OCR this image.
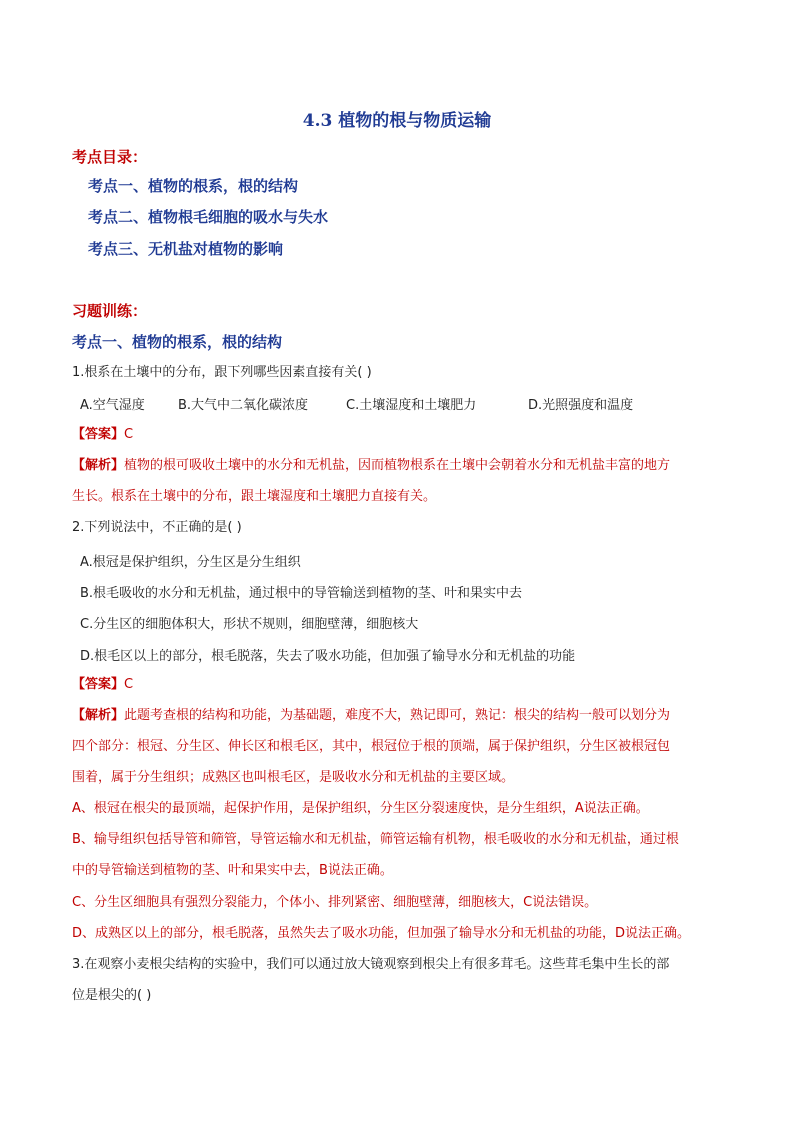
4.3 植物的根与物质运输
考点目录：
考点一、植物的根系，根的结构
考点二、植物根毛细胞的吸水与失水
考点三、无机盐对植物的影响
习题训练：
考点一、植物的根系，根的结构
1.根系在土壤中的分布，跟下列哪些因素直接有关( )
A.空气湿度	B.大气中二氧化碳浓度	C.土壤湿度和土壤肥力	D.光照强度和温度
【答案】C
【解析】植物的根可吸收土壤中的水分和无机盐，因而植物根系在土壤中会朝着水分和无机盐丰富的地方
生长。根系在土壤中的分布，跟土壤湿度和土壤肥力直接有关。
2.下列说法中，不正确的是( )
A.根冠是保护组织，分生区是分生组织
B.根毛吸收的水分和无机盐，通过根中的导管输送到植物的茎、叶和果实中去
C.分生区的细胞体积大，形状不规则，细胞壁薄，细胞核大
D.根毛区以上的部分，根毛脱落，失去了吸水功能，但加强了输导水分和无机盐的功能
【答案】C
【解析】此题考查根的结构和功能，为基础题，难度不大，熟记即可，熟记：根尖的结构一般可以划分为
四个部分：根冠、分生区、伸长区和根毛区，其中，根冠位于根的顶端，属于保护组织，分生区被根冠包
围着，属于分生组织；成熟区也叫根毛区，是吸收水分和无机盐的主要区域。
A、根冠在根尖的最顶端，起保护作用，是保护组织，分生区分裂速度快，是分生组织，A说法正确。
B、输导组织包括导管和筛管，导管运输水和无机盐，筛管运输有机物，根毛吸收的水分和无机盐，通过根
中的导管输送到植物的茎、叶和果实中去，B说法正确。
C、分生区细胞具有强烈分裂能力，个体小、排列紧密、细胞壁薄，细胞核大，C说法错误。
D、成熟区以上的部分，根毛脱落，虽然失去了吸水功能，但加强了输导水分和无机盐的功能，D说法正确。
3.在观察小麦根尖结构的实验中，我们可以通过放大镜观察到根尖上有很多茸毛。这些茸毛集中生长的部
位是根尖的( )
